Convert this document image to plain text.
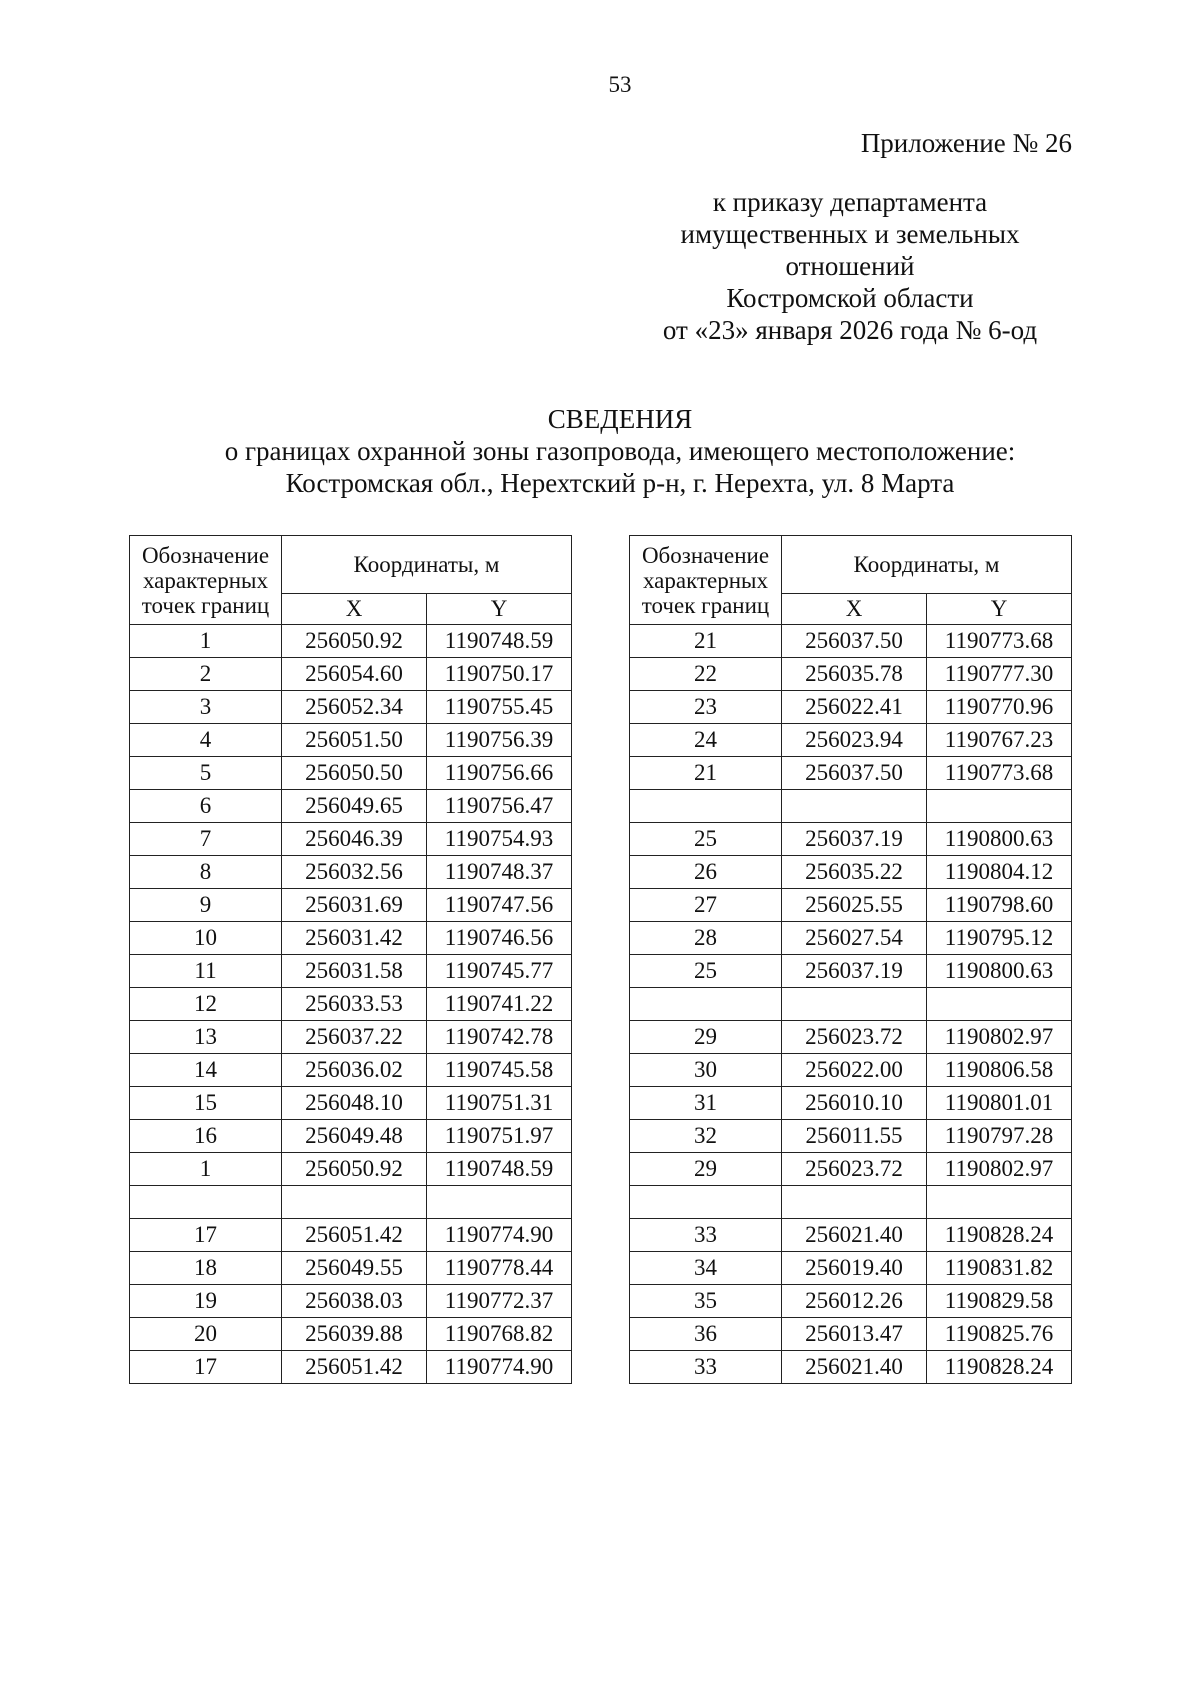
53
Приложение № 26
к приказу департамента
имущественных и земельных
отношений
Костромской области
от «23» января 2026 года № 6-од
СВЕДЕНИЯ
о границах охранной зоны газопровода, имеющего местоположение:
Костромская обл., Нерехтский р-н, г. Нерехта, ул. 8 Марта
Обозначение
характерных
точек границ	Координаты, м	
	X	Y
1	256050.92	1190748.59
2	256054.60	1190750.17
3	256052.34	1190755.45
4	256051.50	1190756.39
5	256050.50	1190756.66
6	256049.65	1190756.47
7	256046.39	1190754.93
8	256032.56	1190748.37
9	256031.69	1190747.56
10	256031.42	1190746.56
11	256031.58	1190745.77
12	256033.53	1190741.22
13	256037.22	1190742.78
14	256036.02	1190745.58
15	256048.10	1190751.31
16	256049.48	1190751.97
1	256050.92	1190748.59

17	256051.42	1190774.90
18	256049.55	1190778.44
19	256038.03	1190772.37
20	256039.88	1190768.82
17	256051.42	1190774.90
Обозначение
характерных
точек границ	Координаты, м	
	X	Y
21	256037.50	1190773.68
22	256035.78	1190777.30
23	256022.41	1190770.96
24	256023.94	1190767.23
21	256037.50	1190773.68

25	256037.19	1190800.63
26	256035.22	1190804.12
27	256025.55	1190798.60
28	256027.54	1190795.12
25	256037.19	1190800.63

29	256023.72	1190802.97
30	256022.00	1190806.58
31	256010.10	1190801.01
32	256011.55	1190797.28
29	256023.72	1190802.97

33	256021.40	1190828.24
34	256019.40	1190831.82
35	256012.26	1190829.58
36	256013.47	1190825.76
33	256021.40	1190828.24
